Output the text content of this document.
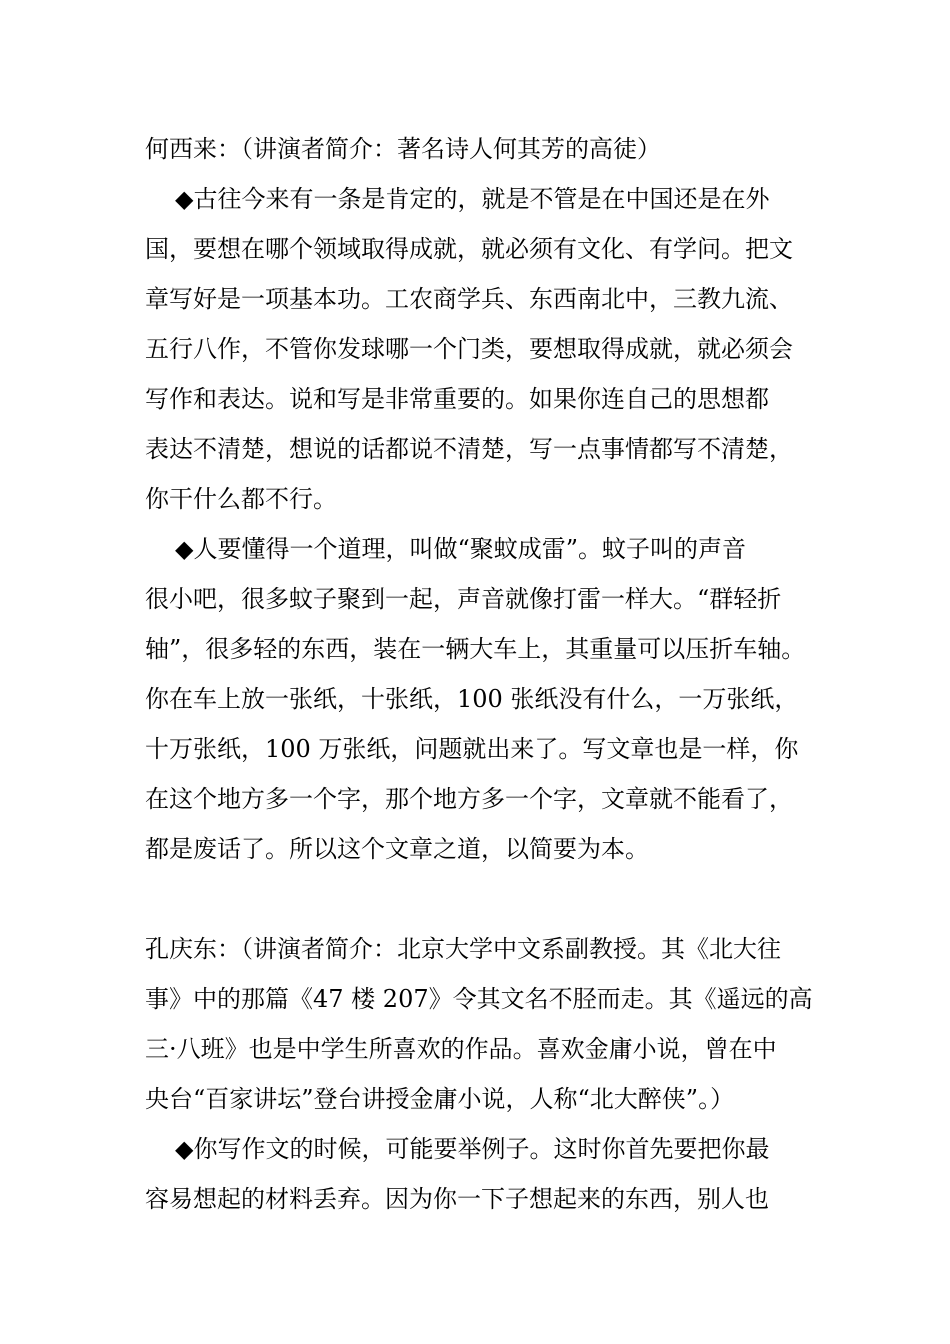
何西来：（讲演者简介：著名诗人何其芳的高徒）
◆古往今来有一条是肯定的，就是不管是在中国还是在外
国，要想在哪个领域取得成就，就必须有文化、有学问。把文
章写好是一项基本功。工农商学兵、东西南北中，三教九流、
五行八作，不管你发球哪一个门类，要想取得成就，就必须会
写作和表达。说和写是非常重要的。如果你连自己的思想都
表达不清楚，想说的话都说不清楚，写一点事情都写不清楚，
你干什么都不行。
◆人要懂得一个道理，叫做“聚蚊成雷”。蚊子叫的声音
很小吧，很多蚊子聚到一起，声音就像打雷一样大。“群轻折
轴”，很多轻的东西，装在一辆大车上，其重量可以压折车轴。
你在车上放一张纸，十张纸，100 张纸没有什么，一万张纸，
十万张纸，100 万张纸，问题就出来了。写文章也是一样，你
在这个地方多一个字，那个地方多一个字，文章就不能看了，
都是废话了。所以这个文章之道，以简要为本。
孔庆东：（讲演者简介：北京大学中文系副教授。其《北大往
事》中的那篇《47 楼 207》令其文名不胫而走。其《遥远的高
三·八班》也是中学生所喜欢的作品。喜欢金庸小说，曾在中
央台“百家讲坛”登台讲授金庸小说，人称“北大醉侠”。）
◆你写作文的时候，可能要举例子。这时你首先要把你最
容易想起的材料丢弃。因为你一下子想起来的东西，别人也
